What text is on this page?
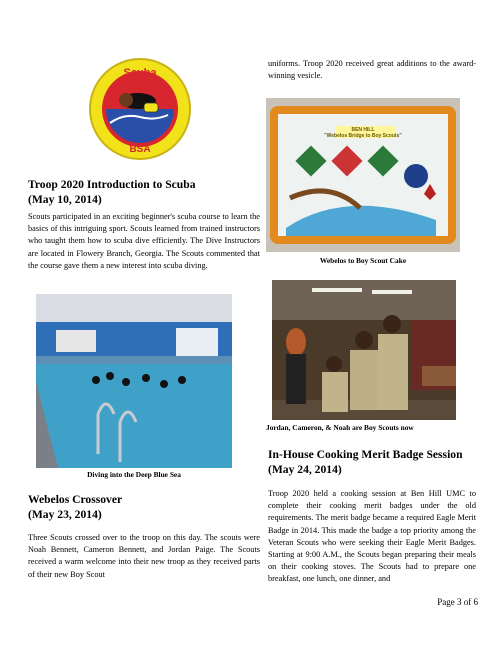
Scuba
BSA
Troop 2020 Introduction to Scuba
(May 10, 2014)

Scouts participated in an exciting beginner's scuba course to learn the basics of this intriguing sport. Scouts learned from trained instructors who taught them how to scuba dive efficiently. The Dive Instructors are located in Flowery Branch, Georgia. The Scouts commented that the course gave them a new interest into scuba diving.

Diving into the Deep Blue Sea

Webelos Crossover
(May 23, 2014)

Three Scouts crossed over to the troop on this day. The scouts were Noah Bennett, Cameron Bennett, and Jordan Paige. The Scouts received a warm welcome into their new troop as they received parts of their new Boy Scout

uniforms. Troop 2020 received great additions to the award-winning vesicle.

BEN HILL
"Webelos Bridge to Boy Scouts"

Webelos to Boy Scout Cake

Jordan, Cameron, & Noah are Boy Scouts now

In-House Cooking Merit Badge Session
(May 24, 2014)

Troop 2020 held a cooking session at Ben Hill UMC to complete their cooking merit badges under the old requirements. The merit badge became a required Eagle Merit Badge in 2014. This made the badge a top priority among the Veteran Scouts who were seeking their Eagle Merit Badges. Starting at 9:00 A.M., the Scouts began preparing their meals on their cooking stoves. The Scouts had to prepare one breakfast, one lunch, one dinner, and

Page 3 of 6
